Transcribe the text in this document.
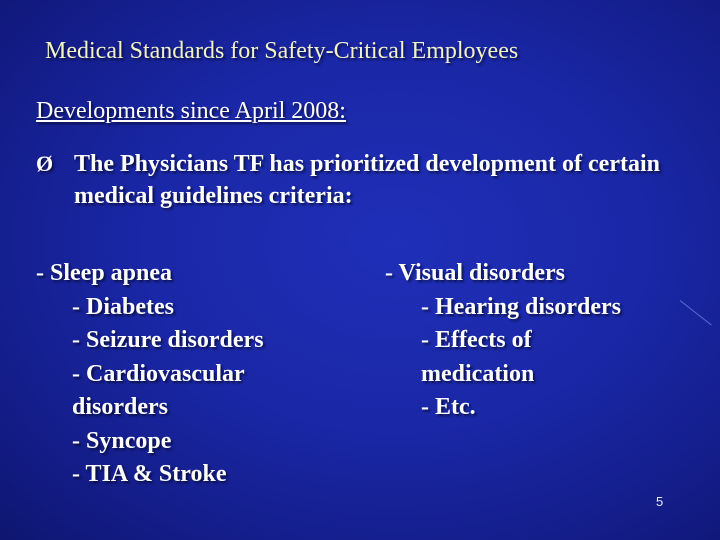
Medical Standards for Safety-Critical Employees
Developments since April 2008:
Ø The Physicians TF has prioritized development of certain medical guidelines criteria:
- Sleep apnea
- Diabetes
- Seizure disorders
- Cardiovascular
disorders
- Syncope
- TIA & Stroke
- Visual disorders
- Hearing disorders
- Effects of
medication
- Etc.
5
